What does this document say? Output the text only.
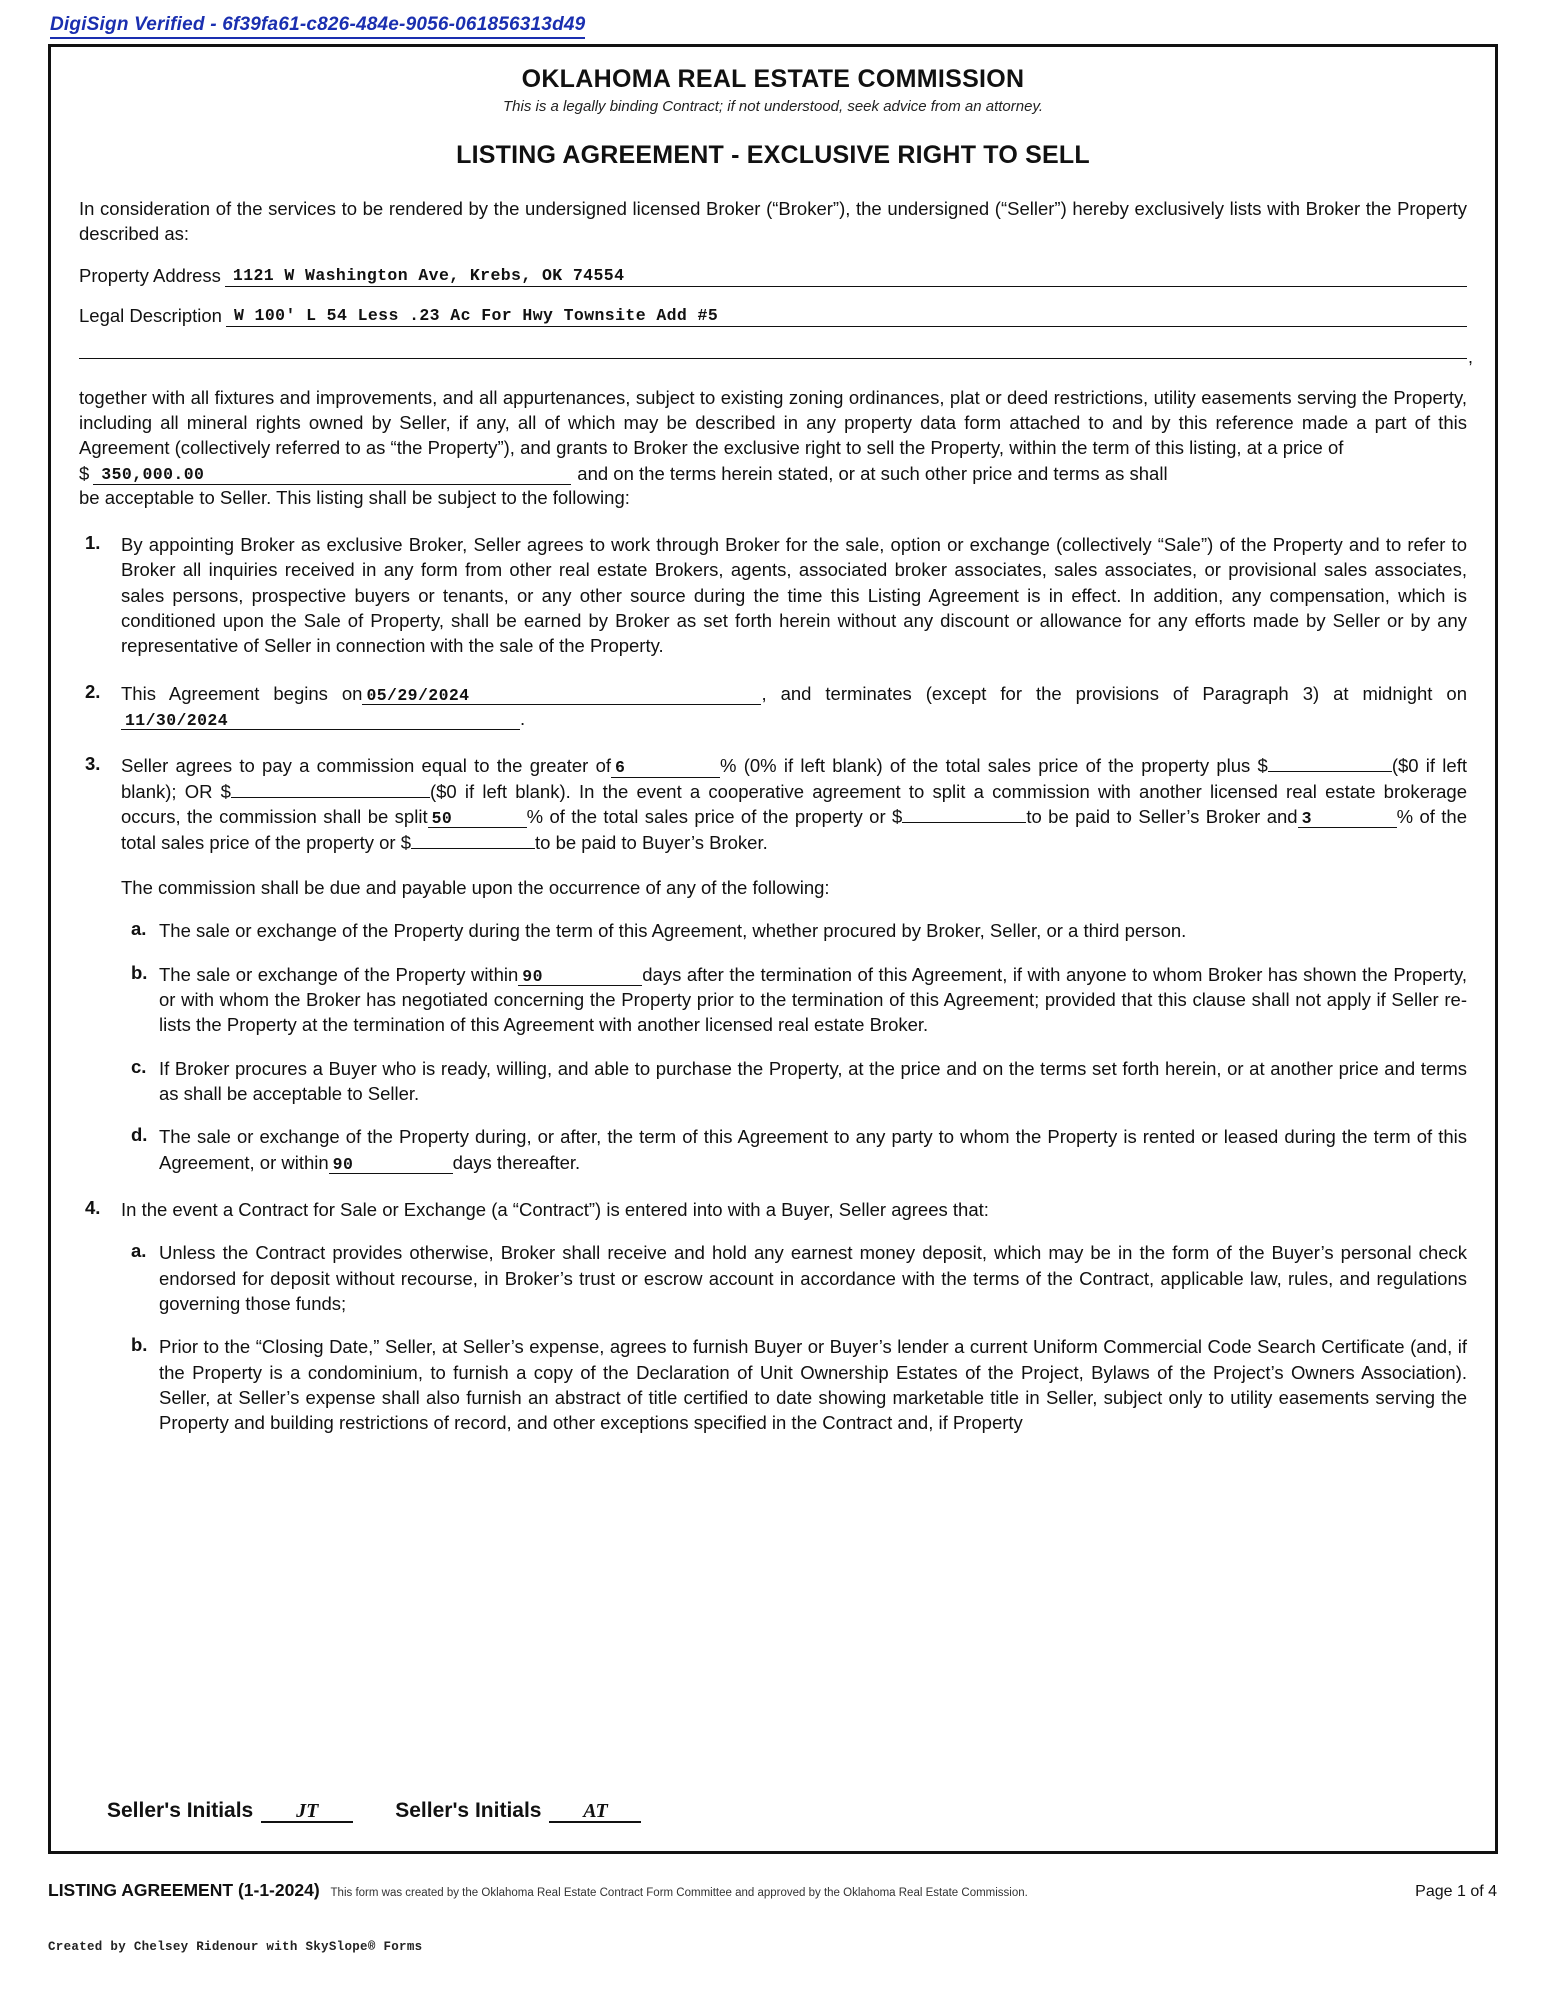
DigiSign Verified - 6f39fa61-c826-484e-9056-061856313d49
OKLAHOMA REAL ESTATE COMMISSION
This is a legally binding Contract; if not understood, seek advice from an attorney.
LISTING AGREEMENT - EXCLUSIVE RIGHT TO SELL
In consideration of the services to be rendered by the undersigned licensed Broker (“Broker”), the undersigned (“Seller”) hereby exclusively lists with Broker the Property described as:
Property Address 1121 W Washington Ave, Krebs, OK 74554
Legal Description W 100' L 54 Less .23 Ac For Hwy Townsite Add #5
,
together with all fixtures and improvements, and all appurtenances, subject to existing zoning ordinances, plat or deed restrictions, utility easements serving the Property, including all mineral rights owned by Seller, if any, all of which may be described in any property data form attached to and by this reference made a part of this Agreement (collectively referred to as “the Property”), and grants to Broker the exclusive right to sell the Property, within the term of this listing, at a price of
$ 350,000.00	and on the terms herein stated, or at such other price and terms as shall
be acceptable to Seller. This listing shall be subject to the following:
1.	By appointing Broker as exclusive Broker, Seller agrees to work through Broker for the sale, option or exchange (collectively “Sale”) of the Property and to refer to Broker all inquiries received in any form from other real estate Brokers, agents, associated broker associates, sales associates, or provisional sales associates, sales persons, prospective buyers or tenants, or any other source during the time this Listing Agreement is in effect. In addition, any compensation, which is conditioned upon the Sale of Property, shall be earned by Broker as set forth herein without any discount or allowance for any efforts made by Seller or by any representative of Seller in connection with the sale of the Property.
2.	This Agreement begins on 05/29/2024	, and terminates (except for the provisions of Paragraph 3) at midnight on11/30/2024	.
3.	Seller agrees to pay a commission equal to the greater of 6	% (0% if left blank) of the total sales price of the property plus $	($0 if left blank); OR $	($0 if left blank). In the event a cooperative agreement to split a commission with another licensed real estate brokerage occurs, the commission shall be split 50	% of the total sales price of the property or $	to be paid to Seller’s Broker and 3	% of the total sales price of the property or $	to be paid to Buyer’s Broker.
The commission shall be due and payable upon the occurrence of any of the following:
a. The sale or exchange of the Property during the term of this Agreement, whether procured by Broker, Seller, or a third person.
b. The sale or exchange of the Property within 90	days after the termination of this Agreement, if with anyone to whom Broker has shown the Property, or with whom the Broker has negotiated concerning the Property prior to the termination of this Agreement; provided that this clause shall not apply if Seller re-lists the Property at the termination of this Agreement with another licensed real estate Broker.
c. If Broker procures a Buyer who is ready, willing, and able to purchase the Property, at the price and on the terms set forth herein, or at another price and terms as shall be acceptable to Seller.
d. The sale or exchange of the Property during, or after, the term of this Agreement to any party to whom the Property is rented or leased during the term of this Agreement, or within 90	days thereafter.
4.	In the event a Contract for Sale or Exchange (a “Contract”) is entered into with a Buyer, Seller agrees that:
a. Unless the Contract provides otherwise, Broker shall receive and hold any earnest money deposit, which may be in the form of the Buyer’s personal check endorsed for deposit without recourse, in Broker’s trust or escrow account in accordance with the terms of the Contract, applicable law, rules, and regulations governing those funds;
b. Prior to the “Closing Date,” Seller, at Seller’s expense, agrees to furnish Buyer or Buyer’s lender a current Uniform Commercial Code Search Certificate (and, if the Property is a condominium, to furnish a copy of the Declaration of Unit Ownership Estates of the Project, Bylaws of the Project’s Owners Association). Seller, at Seller’s expense shall also furnish an abstract of title certified to date showing marketable title in Seller, subject only to utility easements serving the Property and building restrictions of record, and other exceptions specified in the Contract and, if Property
Seller's Initials	JT	Seller's Initials	AT
LISTING AGREEMENT (1-1-2024) This form was created by the Oklahoma Real Estate Contract Form Committee and approved by the Oklahoma Real Estate Commission.	Page 1 of 4
Created by Chelsey Ridenour with SkySlope® Forms
